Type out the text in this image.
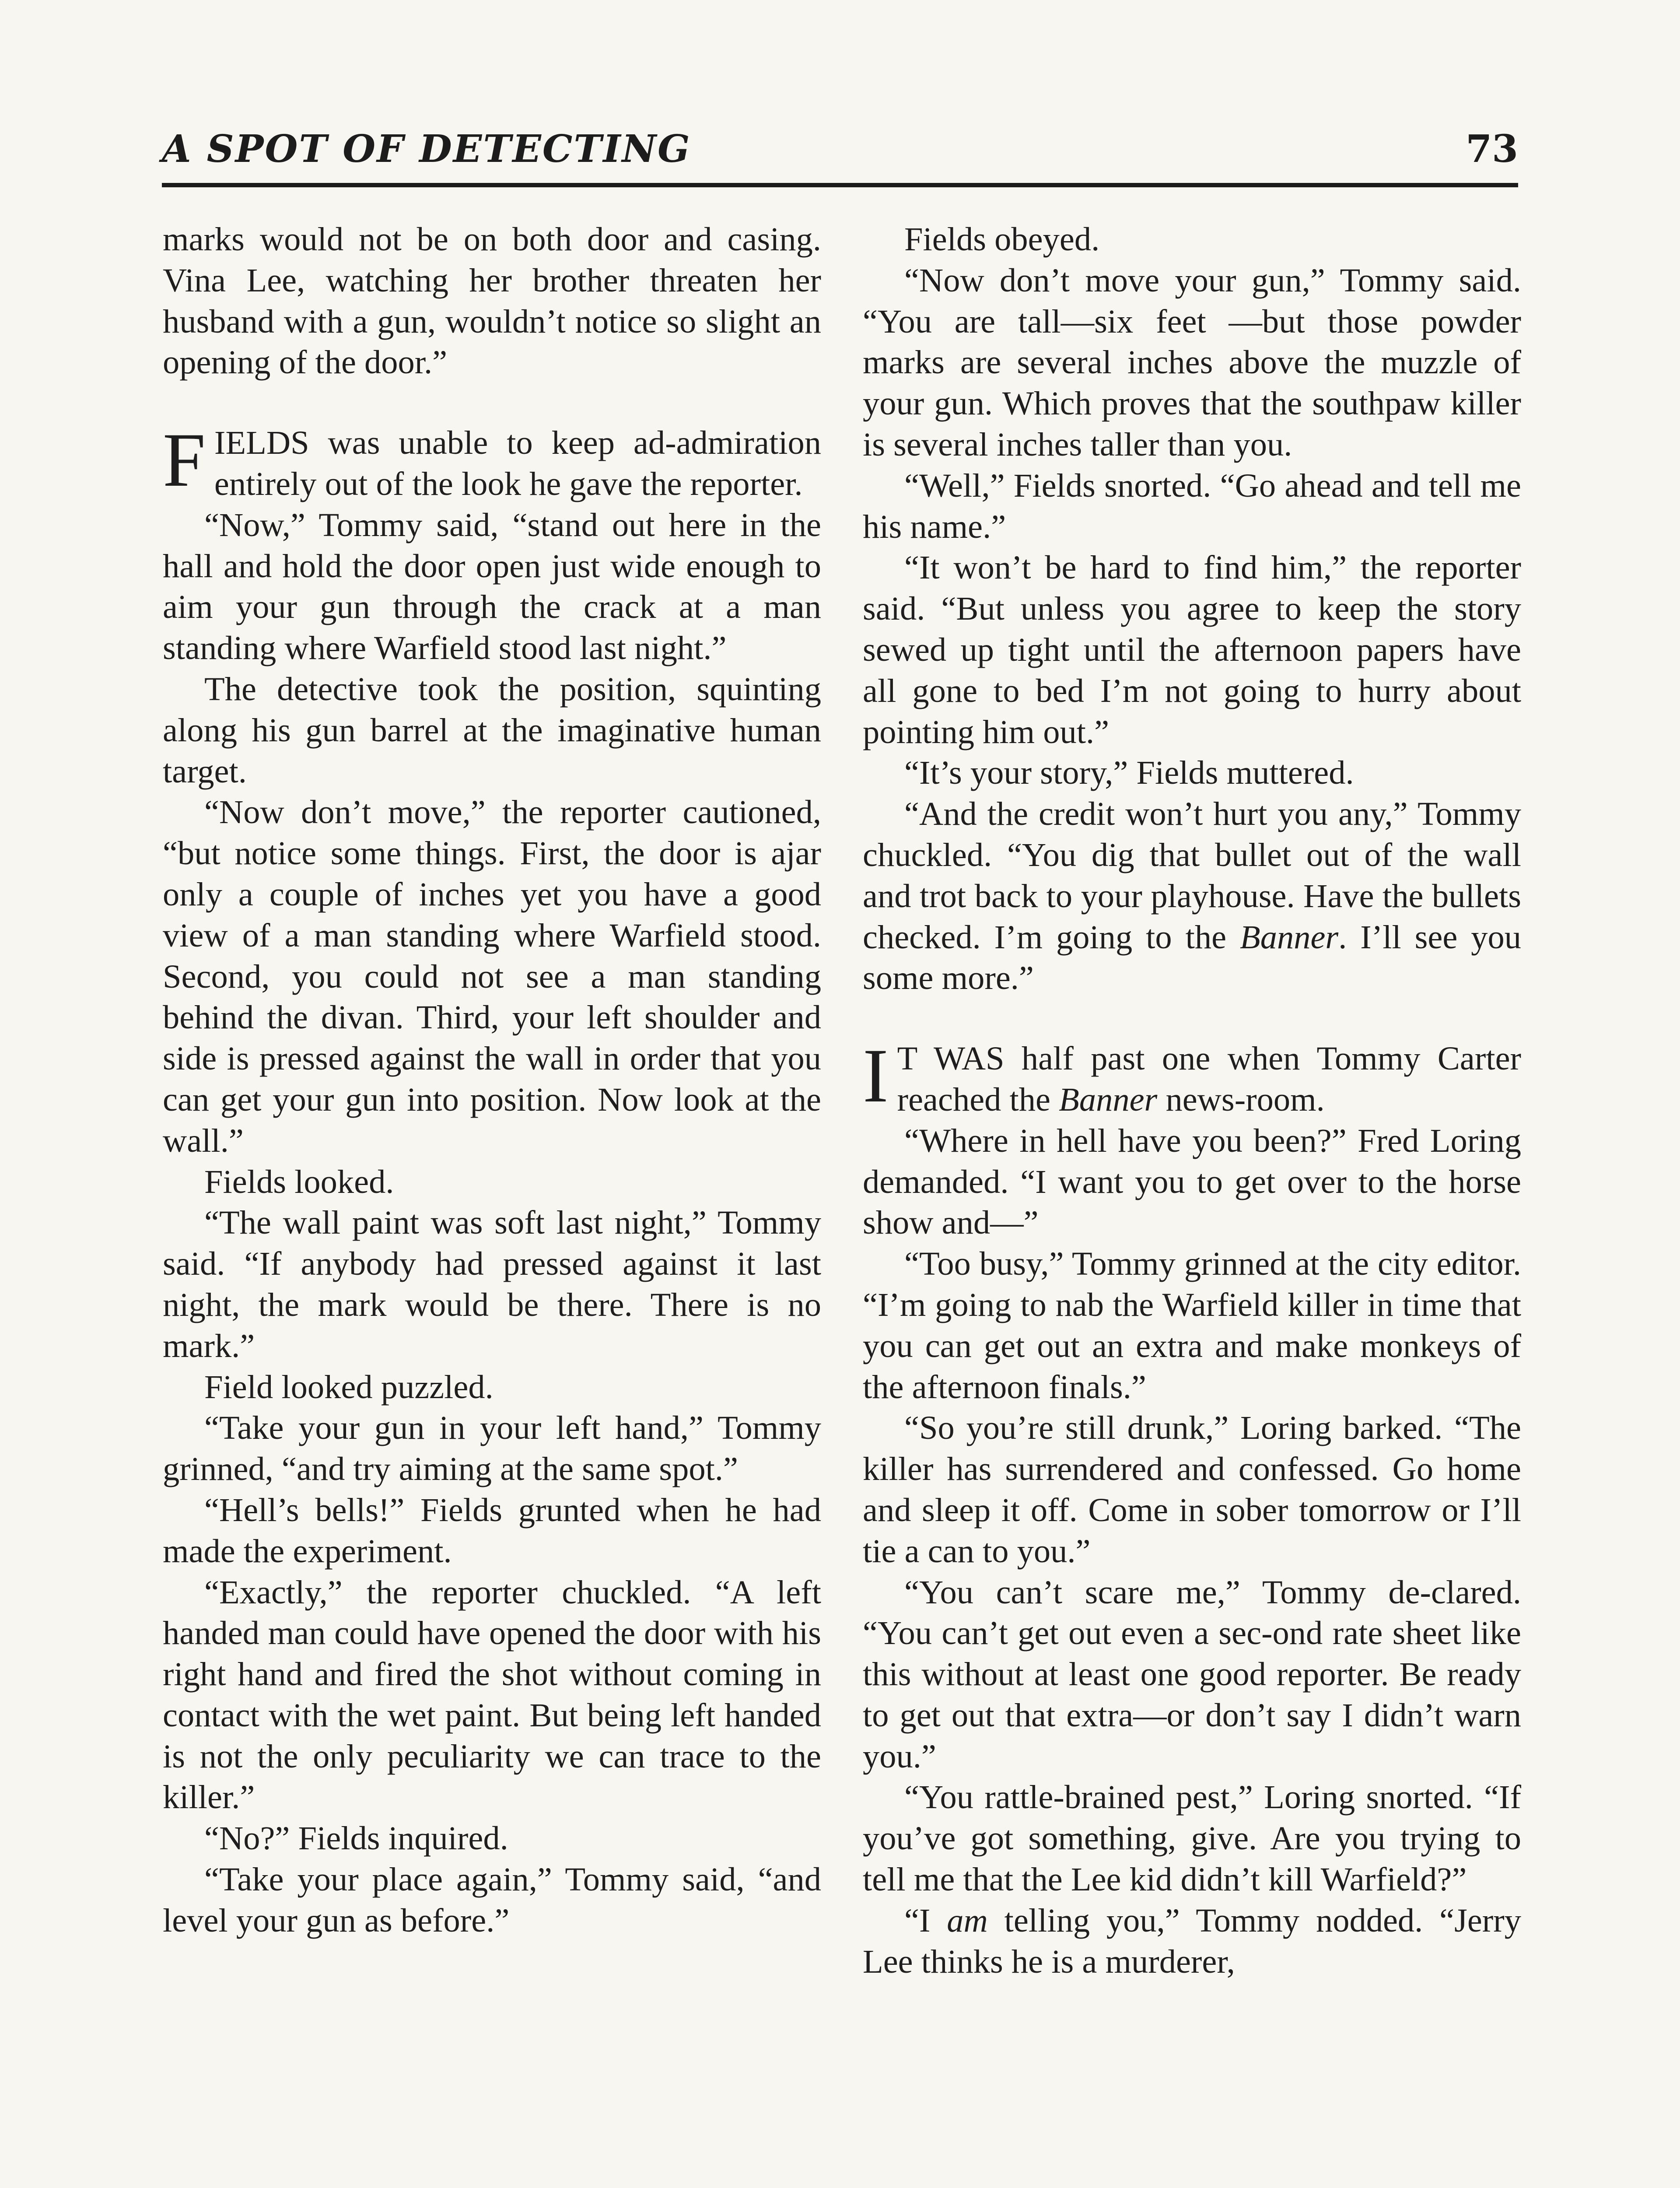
A SPOT OF DETECTING	73

marks would not be on both door and casing. Vina Lee, watching her brother threaten her husband with a gun, wouldn’t notice so slight an opening of the door.”

FIELDS was unable to keep ad-admiration entirely out of the look he gave the reporter.

“Now,” Tommy said, “stand out here in the hall and hold the door open just wide enough to aim your gun through the crack at a man standing where Warfield stood last night.”

The detective took the position, squinting along his gun barrel at the imaginative human target.

“Now don’t move,” the reporter cautioned, “but notice some things. First, the door is ajar only a couple of inches yet you have a good view of a man standing where Warfield stood. Second, you could not see a man standing behind the divan. Third, your left shoulder and side is pressed against the wall in order that you can get your gun into position. Now look at the wall.”

Fields looked.

“The wall paint was soft last night,” Tommy said. “If anybody had pressed against it last night, the mark would be there. There is no mark.”

Field looked puzzled.

“Take your gun in your left hand,” Tommy grinned, “and try aiming at the same spot.”

“Hell’s bells!” Fields grunted when he had made the experiment.

“Exactly,” the reporter chuckled. “A left handed man could have opened the door with his right hand and fired the shot without coming in contact with the wet paint. But being left handed is not the only peculiarity we can trace to the killer.”

“No?” Fields inquired.

“Take your place again,” Tommy said, “and level your gun as before.”

Fields obeyed.

“Now don’t move your gun,” Tommy said. “You are tall—six feet —but those powder marks are several inches above the muzzle of your gun. Which proves that the southpaw killer is several inches taller than you.

“Well,” Fields snorted. “Go ahead and tell me his name.”

“It won’t be hard to find him,” the reporter said. “But unless you agree to keep the story sewed up tight until the afternoon papers have all gone to bed I’m not going to hurry about pointing him out.”

“It’s your story,” Fields muttered.

“And the credit won’t hurt you any,” Tommy chuckled. “You dig that bullet out of the wall and trot back to your playhouse. Have the bullets checked. I’m going to the Banner. I’ll see you some more.”

I T WAS half past one when Tommy Carter reached the Banner news-room.

“Where in hell have you been?” Fred Loring demanded. “I want you to get over to the horse show and—”

“Too busy,” Tommy grinned at the city editor. “I’m going to nab the Warfield killer in time that you can get out an extra and make monkeys of the afternoon finals.”

“So you’re still drunk,” Loring barked. “The killer has surrendered and confessed. Go home and sleep it off. Come in sober tomorrow or I’ll tie a can to you.”

“You can’t scare me,” Tommy de-clared. “You can’t get out even a sec-ond rate sheet like this without at least one good reporter. Be ready to get out that extra—or don’t say I didn’t warn you.”

“You rattle-brained pest,” Loring snorted. “If you’ve got something, give. Are you trying to tell me that the Lee kid didn’t kill Warfield?”

“I am telling you,” Tommy nodded. “Jerry Lee thinks he is a murderer,
